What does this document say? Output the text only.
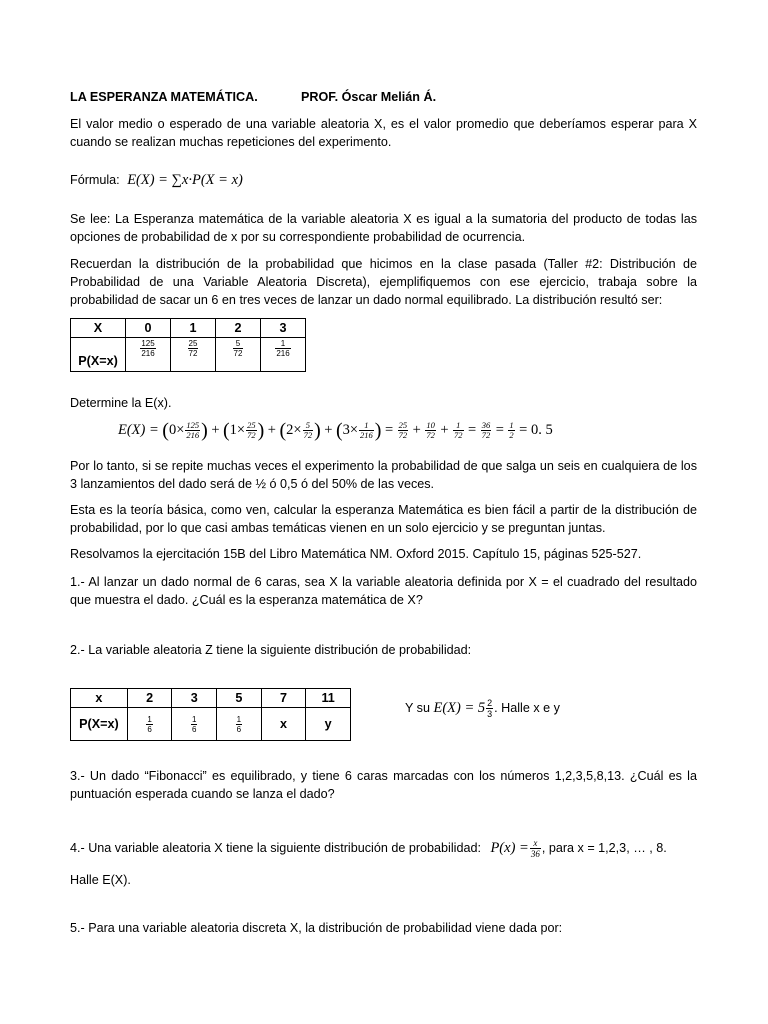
LA ESPERANZA MATEMÁTICA.	PROF. Óscar Melián Á.
El valor medio o esperado de una variable aleatoria X, es el valor promedio que deberíamos esperar para X cuando se realizan muchas repeticiones del experimento.
Fórmula: E(X) = ∑x·P(X = x)
Se lee: La Esperanza matemática de la variable aleatoria X es igual a la sumatoria del producto de todas las opciones de probabilidad de x por su correspondiente probabilidad de ocurrencia.
Recuerdan la distribución de la probabilidad que hicimos en la clase pasada (Taller #2: Distribución de Probabilidad de una Variable Aleatoria Discreta), ejemplifiquemos con ese ejercicio, trabaja sobre la probabilidad de sacar un 6 en tres veces de lanzar un dado normal equilibrado. La distribución resultó ser:
X	0	1	2	3
P(X=x)	$\frac{125}{216}$	$\frac{25}{72}$	$\frac{5}{72}$	$\frac{1}{216}$
Determine la E(x).
$E(X) = (0\times \frac{125}{216}$ ) + ($1\times \frac{25}{72}$ ) + ($2\times \frac{5}{72}$ ) + ($3\times \frac{1}{216}$ ) = $\frac{25}{72} + \frac{10}{72} + \frac{1}{72} = \frac{36}{72} = \frac{1}{2} = 0$. 5
Por lo tanto, si se repite muchas veces el experimento la probabilidad de que salga un seis en cualquiera de los 3 lanzamientos del dado será de ½ ó 0,5 ó del 50% de las veces.
Esta es la teoría básica, como ven, calcular la esperanza Matemática es bien fácil a partir de la distribución de probabilidad, por lo que casi ambas temáticas vienen en un solo ejercicio y se preguntan juntas.
Resolvamos la ejercitación 15B del Libro Matemática NM. Oxford 2015. Capítulo 15, páginas 525-527.
1.- Al lanzar un dado normal de 6 caras, sea X la variable aleatoria definida por X = el cuadrado del resultado que muestra el dado. ¿Cuál es la esperanza matemática de X?
2.- La variable aleatoria Z tiene la siguiente distribución de probabilidad:
x	2	3	5	7	11
P(X=x)	$\frac{1}{6}$	$\frac{1}{6}$	$\frac{1}{6}$	x	y
Y su $E(X) = 5 \frac{2}{3}$ . Halle x e y
3.- Un dado “Fibonacci” es equilibrado, y tiene 6 caras marcadas con los números 1,2,3,5,8,13. ¿Cuál es la puntuación esperada cuando se lanza el dado?
4.- Una variable aleatoria X tiene la siguiente distribución de probabilidad: $P(x) = \frac{x}{36}$ , para x = 1,2,3, … , 8.
Halle E(X).
5.- Para una variable aleatoria discreta X, la distribución de probabilidad viene dada por:
